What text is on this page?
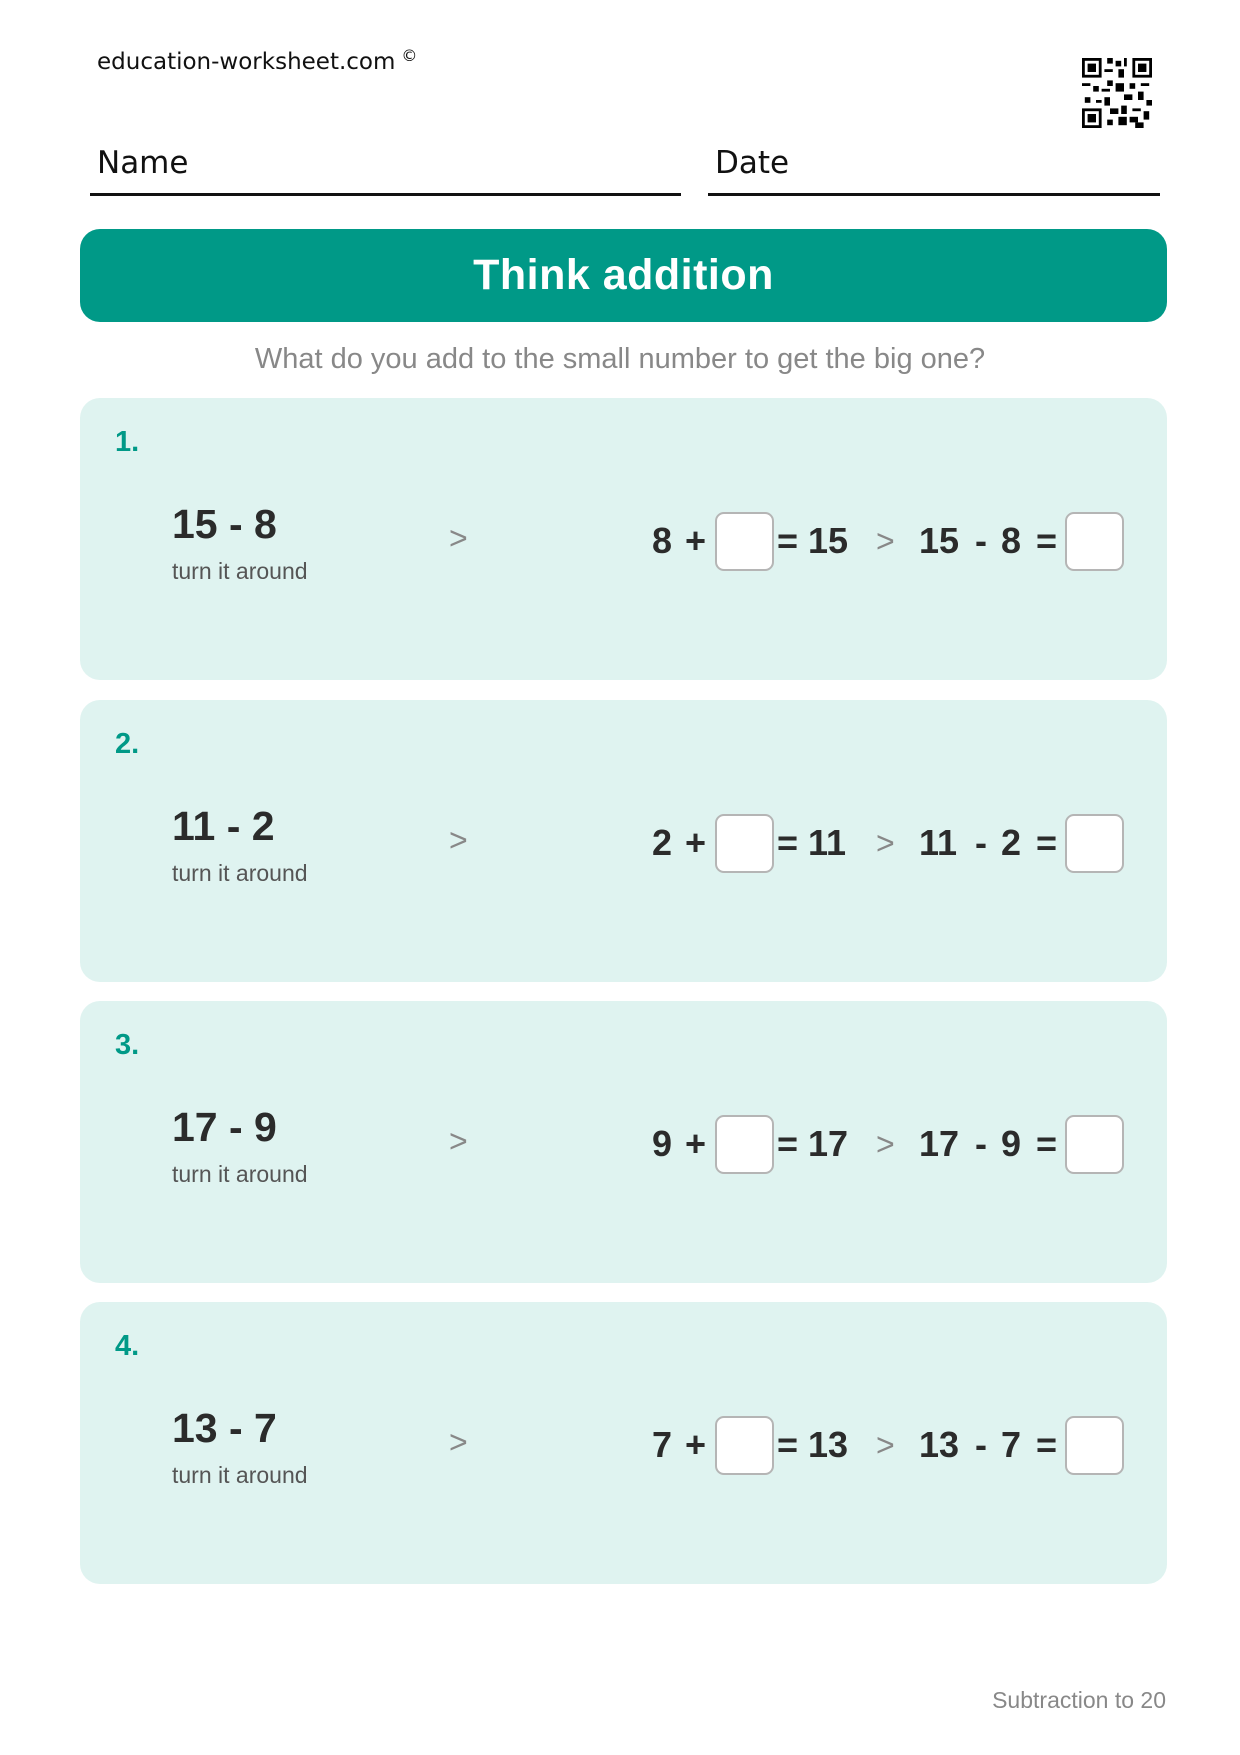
education-worksheet.com ©
Name	Date
Think addition
What do you add to the small number to get the big one?
1.
15 - 8
turn it around
>	8 + = 15 > 15 - 8 =
2.
11 - 2
turn it around
>	2 + = 11 > 11 - 2 =
3.
17 - 9
turn it around
>	9 + = 17 > 17 - 9 =
4.
13 - 7
turn it around
>	7 + = 13 > 13 - 7 =
Subtraction to 20
